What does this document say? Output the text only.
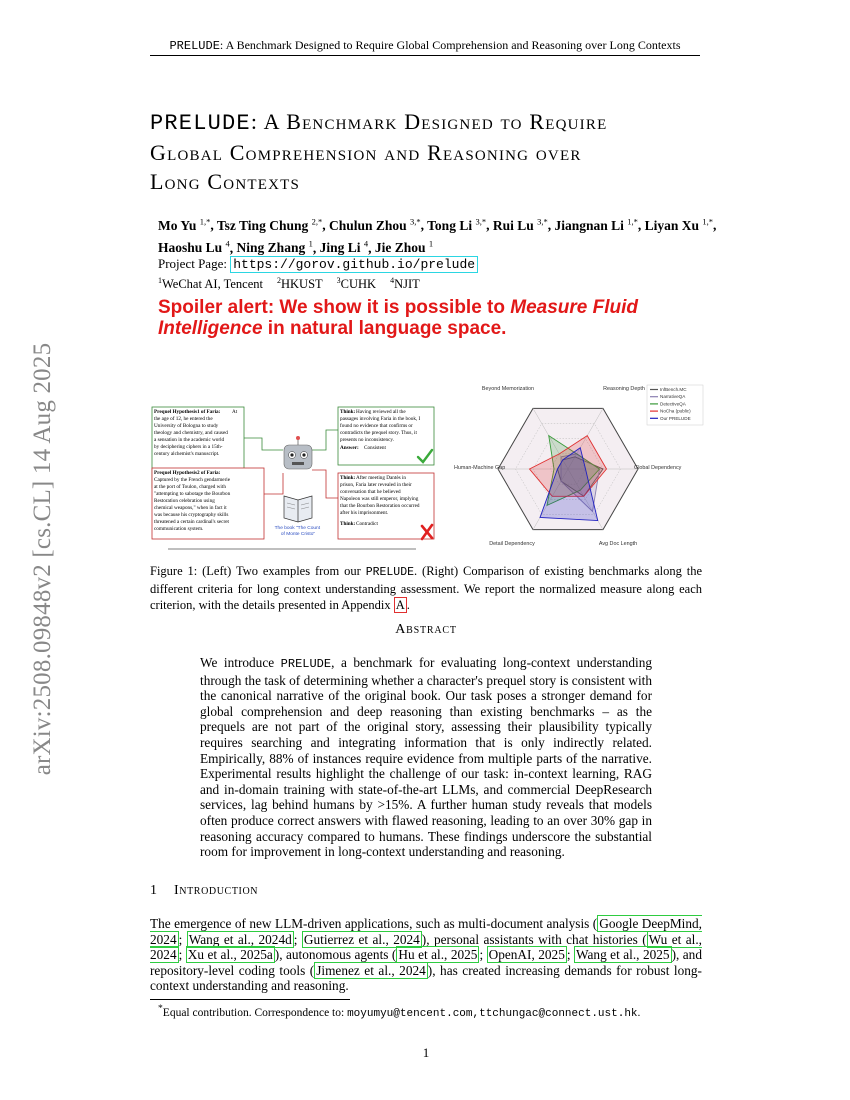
PRELUDE: A Benchmark Designed to Require Global Comprehension and Reasoning over Long Contexts
arXiv:2508.09848v2 [cs.CL] 14 Aug 2025
PRELUDE: A Benchmark Designed to Require
Global Comprehension and Reasoning over
Long Contexts
Mo Yu $^{1,*}$, Tsz Ting Chung $^{2,*}$, Chulun Zhou $^{3,*}$, Tong Li $^{3,*}$, Rui Lu $^{3,*}$, Jiangnan Li $^{1,*}$, Liyan Xu $^{1,*}$,
Haoshu Lu $^4$, Ning Zhang $^1$, Jing Li $^4$, Jie Zhou $^1$
Project Page: https://gorov.github.io/prelude
$^1$WeChat AI, Tencent $^2$HKUST $^3$CUHK $^4$NJIT
Spoiler alert: We show it is possible to Measure Fluid Intelligence in natural language space.
Prequel Hypothesis1 of Faria: At the age of 12, he entered the University of Bologna to study theology and chemistry, and caused a sensation in the academic world by deciphering ciphers in a 15th- century alchemist's manuscript.
Prequel Hypothesis2 of Faria: Captured by the French gendarmerie at the port of Toulon, charged with "attempting to sabotage the Bourbon Restoration celebration using chemical weapons," when in fact it was because his cryptography skills threatened a certain cardinal's secret communication system.	The book "The Count of Monte Cristo"
Think: Having reviewed all the passages involving Faria in the book, I found no evidence that confirms or contradicts the prequel story. Thus, it presents no inconsistency. Answer: Consistent
Think: After meeting Dantès in prison, Faria later revealed in their conversation that he believed Napoleon was still emperor, implying that the Bourbon Restoration occurred after his imprisonment. Think: Contradict
Beyond Memorization	Reasoning Depth
Global Dependency
Avg Doc Length
Detail Dependency
Human-Machine Gap
InfBench.MC
NarrativeQA
DetectiveQA
NoCha (public)
Our PRELUDE
Figure 1: (Left) Two examples from our PRELUDE. (Right) Comparison of existing benchmarks along the different criteria for long context understanding assessment. We report the normalized measure along each criterion, with the details presented in Appendix A .
Abstract
We introduce PRELUDE, a benchmark for evaluating long-context understanding through the task of determining whether a character's prequel story is consistent with the canonical narrative of the original book. Our task poses a stronger demand for global comprehension and deep reasoning than existing benchmarks – as the prequels are not part of the original story, assessing their plausibility typically requires searching and integrating information that is only indirectly related. Empirically, 88% of instances require evidence from multiple parts of the narrative. Experimental results highlight the challenge of our task: in-context learning, RAG and in-domain training with state-of-the-art LLMs, and commercial DeepResearch services, lag behind humans by >15%. A further human study reveals that models often produce correct answers with flawed reasoning, leading to an over 30% gap in reasoning accuracy compared to humans. These findings underscore the substantial room for improvement in long-context understanding and reasoning.
1 Introduction
The emergence of new LLM-driven applications, such as multi-document analysis ( Google DeepMind, 2024 ; Wang et al., 2024d ; Gutierrez et al., 2024 ), personal assistants with chat histories ( Wu et al., 2024 ; Xu et al., 2025a ), autonomous agents ( Hu et al., 2025 ; OpenAI, 2025 ; Wang et al., 2025 ), and repository-level coding tools ( Jimenez et al., 2024 ), has created increasing demands for robust long-context understanding and reasoning.
*Equal contribution. Correspondence to: moyumyu@tencent.com,ttchungac@connect.ust.hk.
1
